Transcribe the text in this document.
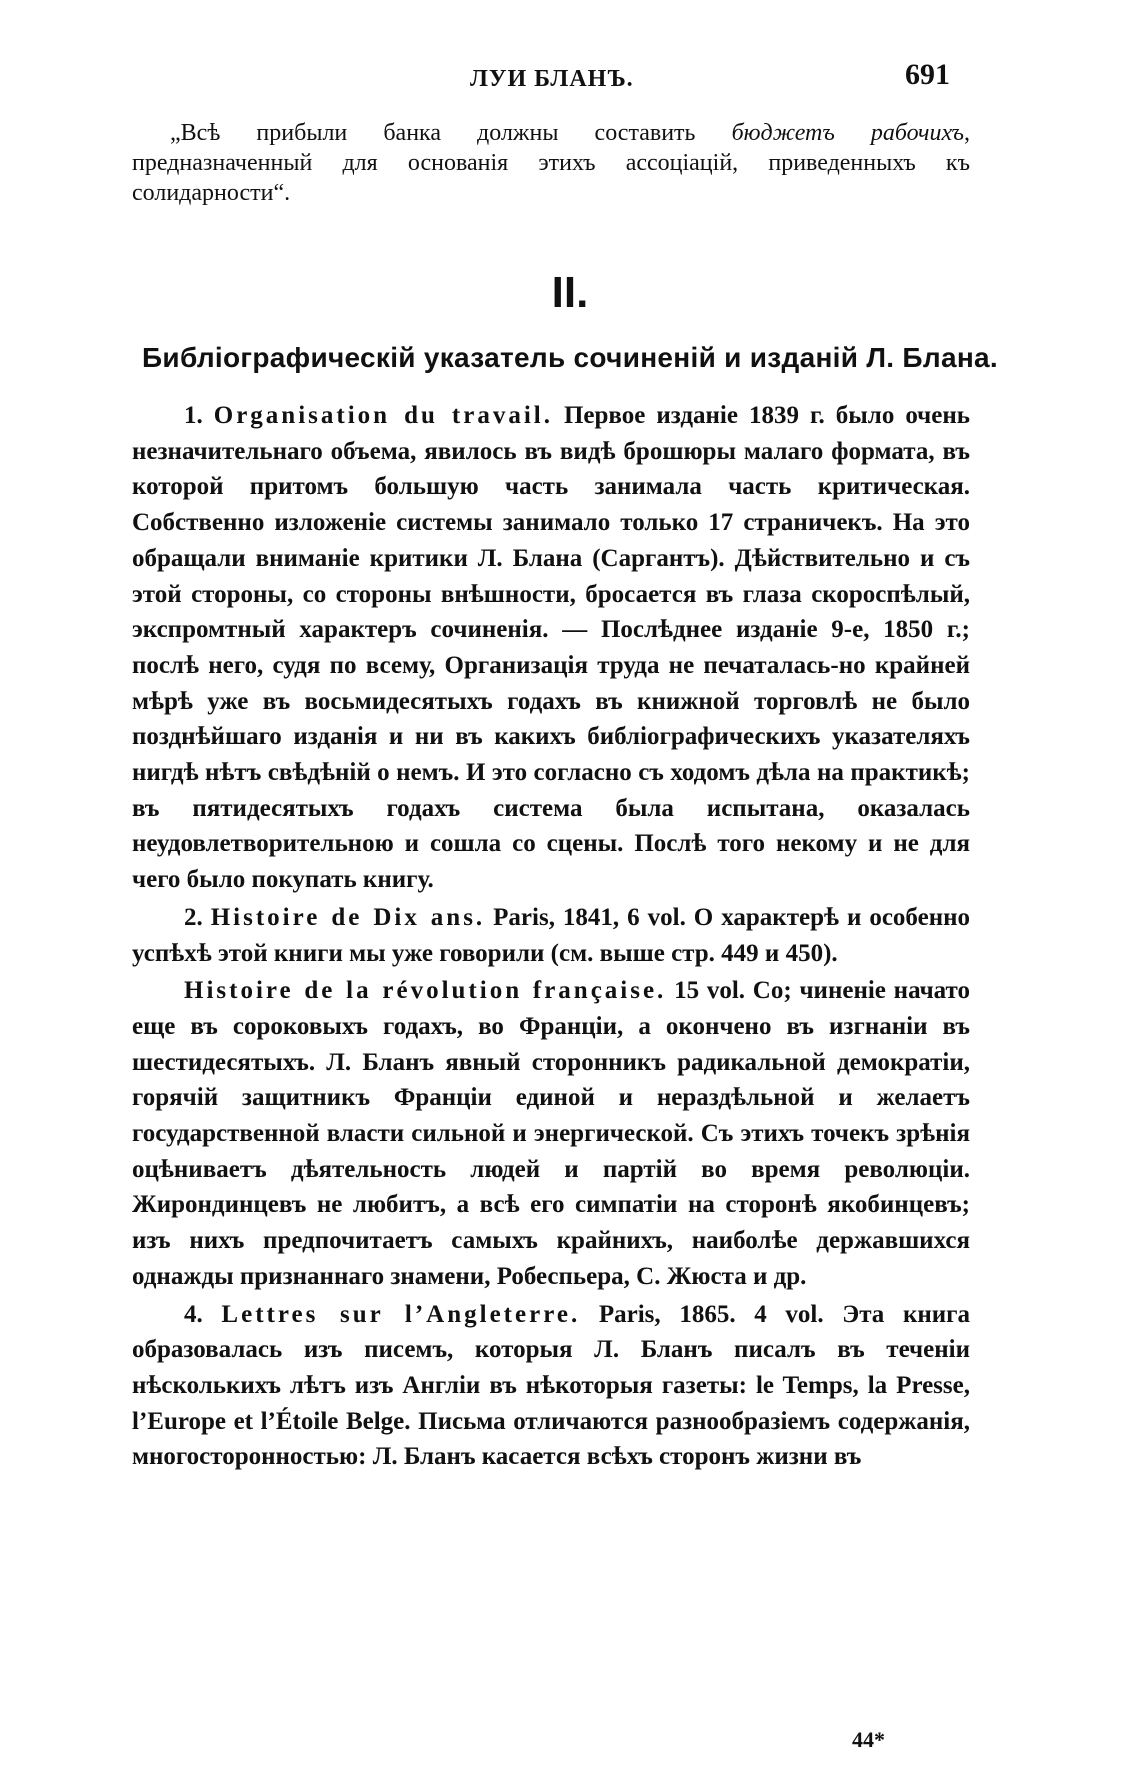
ЛУИ БЛАНЪ.	691

„Всѣ прибыли банка должны составить бюджетъ рабочихъ, предназначенный для основанія этихъ ассоціацій, приведенныхъ къ солидарности“.

II.
Библіографическій указатель сочиненій и изданій Л. Блана.

1. Organisation du travail. Первое изданіе 1839 г. было очень незначительнаго объема, явилось въ видѣ брошюры малаго формата, въ которой притомъ большую часть занимала часть критическая. Собственно изложеніе системы занимало только 17 страничекъ. На это обращали вниманіе критики Л. Блана (Саргантъ). Дѣйствительно и съ этой стороны, со стороны внѣшности, бросается въ глаза скороспѣлый, экспромтный характеръ сочиненія. — Послѣднее изданіе 9-е, 1850 г.; послѣ него, судя по всему, Организація труда не печаталась-но крайней мѣрѣ уже въ восьмидесятыхъ годахъ въ книжной торговлѣ не было позднѣйшаго изданія и ни въ какихъ библіографическихъ указателяхъ нигдѣ нѣтъ свѣдѣній о немъ. И это согласно съ ходомъ дѣла на практикѣ; въ пятидесятыхъ годахъ система была испытана, оказалась неудовлетворительною и сошла со сцены. Послѣ того некому и не для чего было покупать книгу.

2. Histoire de Dix ans. Paris, 1841, 6 vol. О характерѣ и особенно успѣхѣ этой книги мы уже говорили (см. выше стр. 449 и 450).

Histoire de la révolution française. 15 vol. Со; чиненіе начато еще въ сороковыхъ годахъ, во Франціи, а окончено въ изгнаніи въ шестидесятыхъ. Л. Бланъ явный сторонникъ радикальной демократіи, горячій защитникъ Франціи единой и нераздѣльной и желаетъ государственной власти сильной и энергической. Съ этихъ точекъ зрѣнія оцѣниваетъ дѣятельность людей и партій во время революціи. Жирондинцевъ не любитъ, а всѣ его симпатіи на сторонѣ якобинцевъ; изъ нихъ предпочитаетъ самыхъ крайнихъ, наиболѣе державшихся однажды признаннаго знамени, Робеспьера, С. Жюста и др.

4. Lettres sur l’Angleterre. Paris, 1865. 4 vol. Эта книга образовалась изъ писемъ, которыя Л. Бланъ писалъ въ теченіи нѣсколькихъ лѣтъ изъ Англіи въ нѣкоторыя газеты: le Temps, la Presse, l’Europe et l’Étoile Belge. Письма отличаются разнообразіемъ содержанія, многосторонностью: Л. Бланъ касается всѣхъ сторонъ жизни въ

44*
